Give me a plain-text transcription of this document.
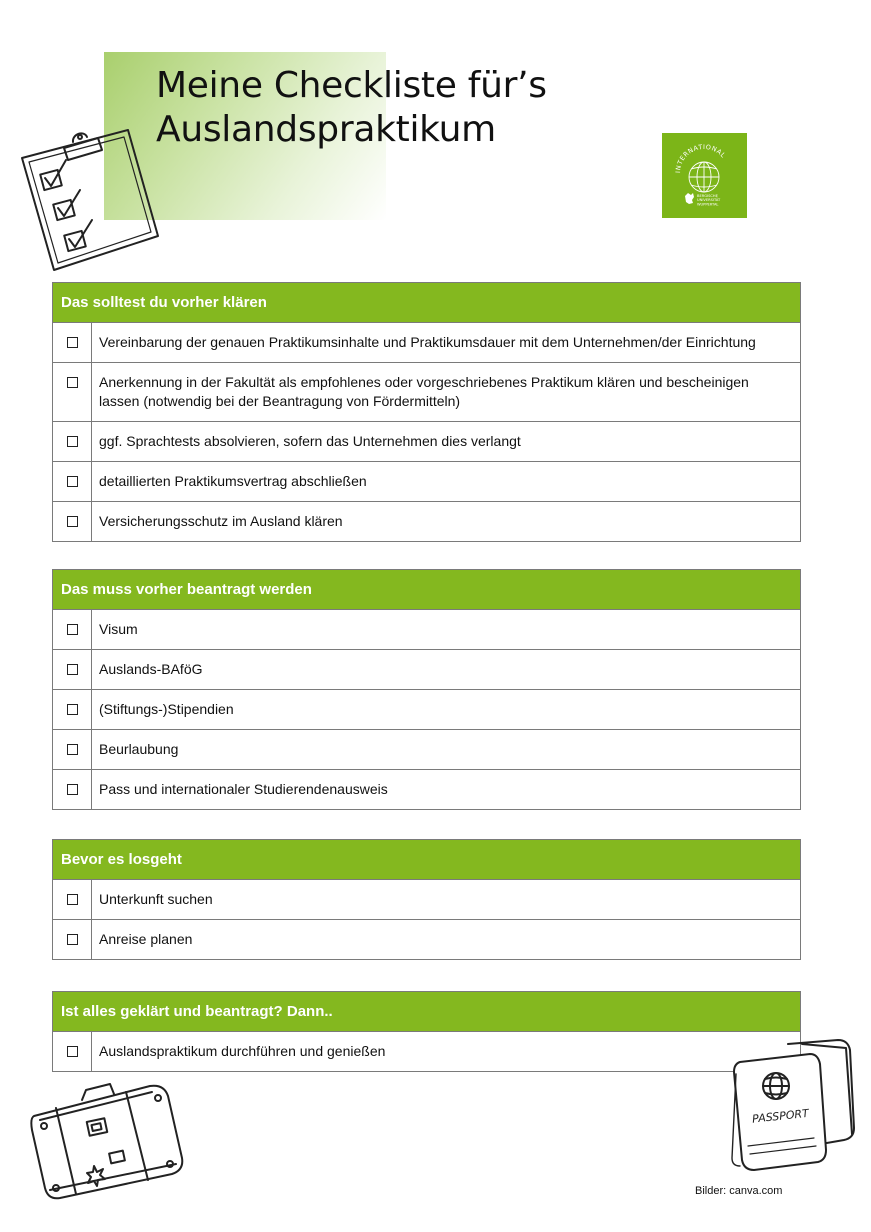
Meine Checkliste für’s
Auslandspraktikum
INTERNATIONAL
BERGISCHE UNIVERSITÄT WUPPERTAL
Das solltest du vorher klären	
	Vereinbarung der genauen Praktikumsinhalte und Praktikumsdauer mit dem Unternehmen/der Einrichtung
	Anerkennung in der Fakultät als empfohlenes oder vorgeschriebenes Praktikum klären und bescheinigen lassen (notwendig bei der Beantragung von Fördermitteln)
	ggf. Sprachtests absolvieren, sofern das Unternehmen dies verlangt
	detaillierten Praktikumsvertrag abschließen
	Versicherungsschutz im Ausland klären
Das muss vorher beantragt werden	
	Visum
	Auslands-BAföG
	(Stiftungs-)Stipendien
	Beurlaubung
	Pass und internationaler Studierendenausweis
Bevor es losgeht	
	Unterkunft suchen
	Anreise planen
Ist alles geklärt und beantragt? Dann..
	Auslandspraktikum durchführen und genießen
PASSPORT
Bilder: canva.com
